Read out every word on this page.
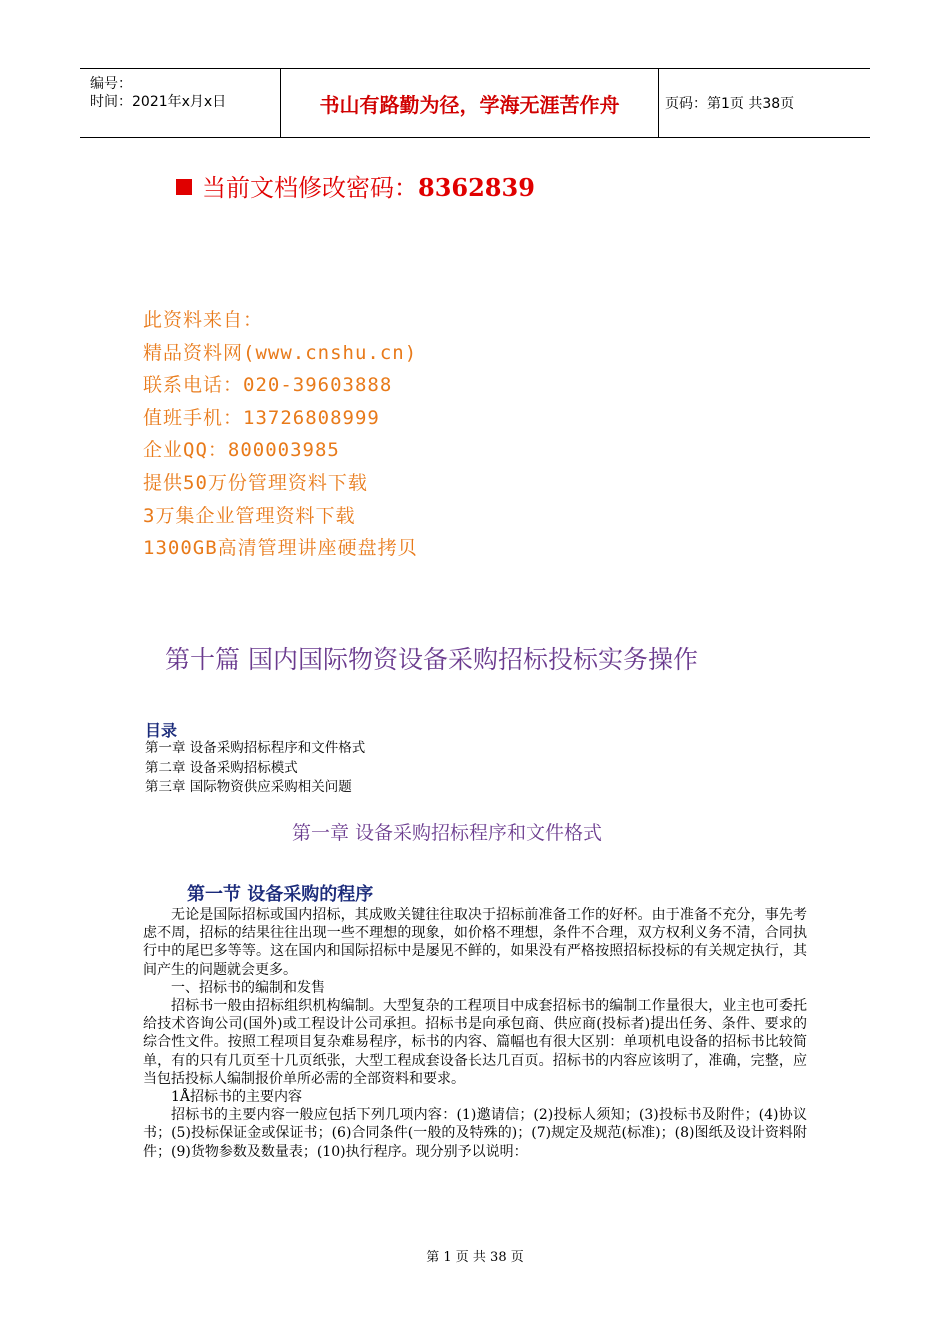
编号：
时间：2021年x月x日	书山有路勤为径，学海无涯苦作舟	页码：第1页 共38页
当前文档修改密码：8362839
此资料来自：
精品资料网(www.cnshu.cn)
联系电话：020-39603888
值班手机：13726808999
企业QQ：800003985
提供50万份管理资料下载
3万集企业管理资料下载
1300GB高清管理讲座硬盘拷贝
第十篇 国内国际物资设备采购招标投标实务操作
目录
第一章 设备采购招标程序和文件格式
第二章 设备采购招标模式
第三章 国际物资供应采购相关问题
第一章 设备采购招标程序和文件格式
第一节 设备采购的程序

无论是国际招标或国内招标，其成败关键往往取决于招标前准备工作的好杯。由于准备不充分，事先考虑不周，招标的结果往往出现一些不理想的现象，如价格不理想，条件不合理，双方权利义务不清，合同执行中的尾巴多等等。这在国内和国际招标中是屡见不鲜的，如果没有严格按照招标投标的有关规定执行，其间产生的问题就会更多。

一、招标书的编制和发售

招标书一般由招标组织机构编制。大型复杂的工程项目中成套招标书的编制工作量很大，业主也可委托给技术咨询公司(国外)或工程设计公司承担。招标书是向承包商、供应商(投标者)提出任务、条件、要求的综合性文件。按照工程项目复杂难易程序，标书的内容、篇幅也有很大区别：单项机电设备的招标书比较简单，有的只有几页至十几页纸张，大型工程成套设备长达几百页。招标书的内容应该明了，准确，完整，应当包括投标人编制报价单所必需的全部资料和要求。

1Å招标书的主要内容

招标书的主要内容一般应包括下列几项内容：(1)邀请信；(2)投标人须知；(3)投标书及附件；(4)协议书；(5)投标保证金或保证书；(6)合同条件(一般的及特殊的)；(7)规定及规范(标准)；(8)图纸及设计资料附件；(9)货物参数及数量表；(10)执行程序。现分别予以说明：

第 1 页 共 38 页
